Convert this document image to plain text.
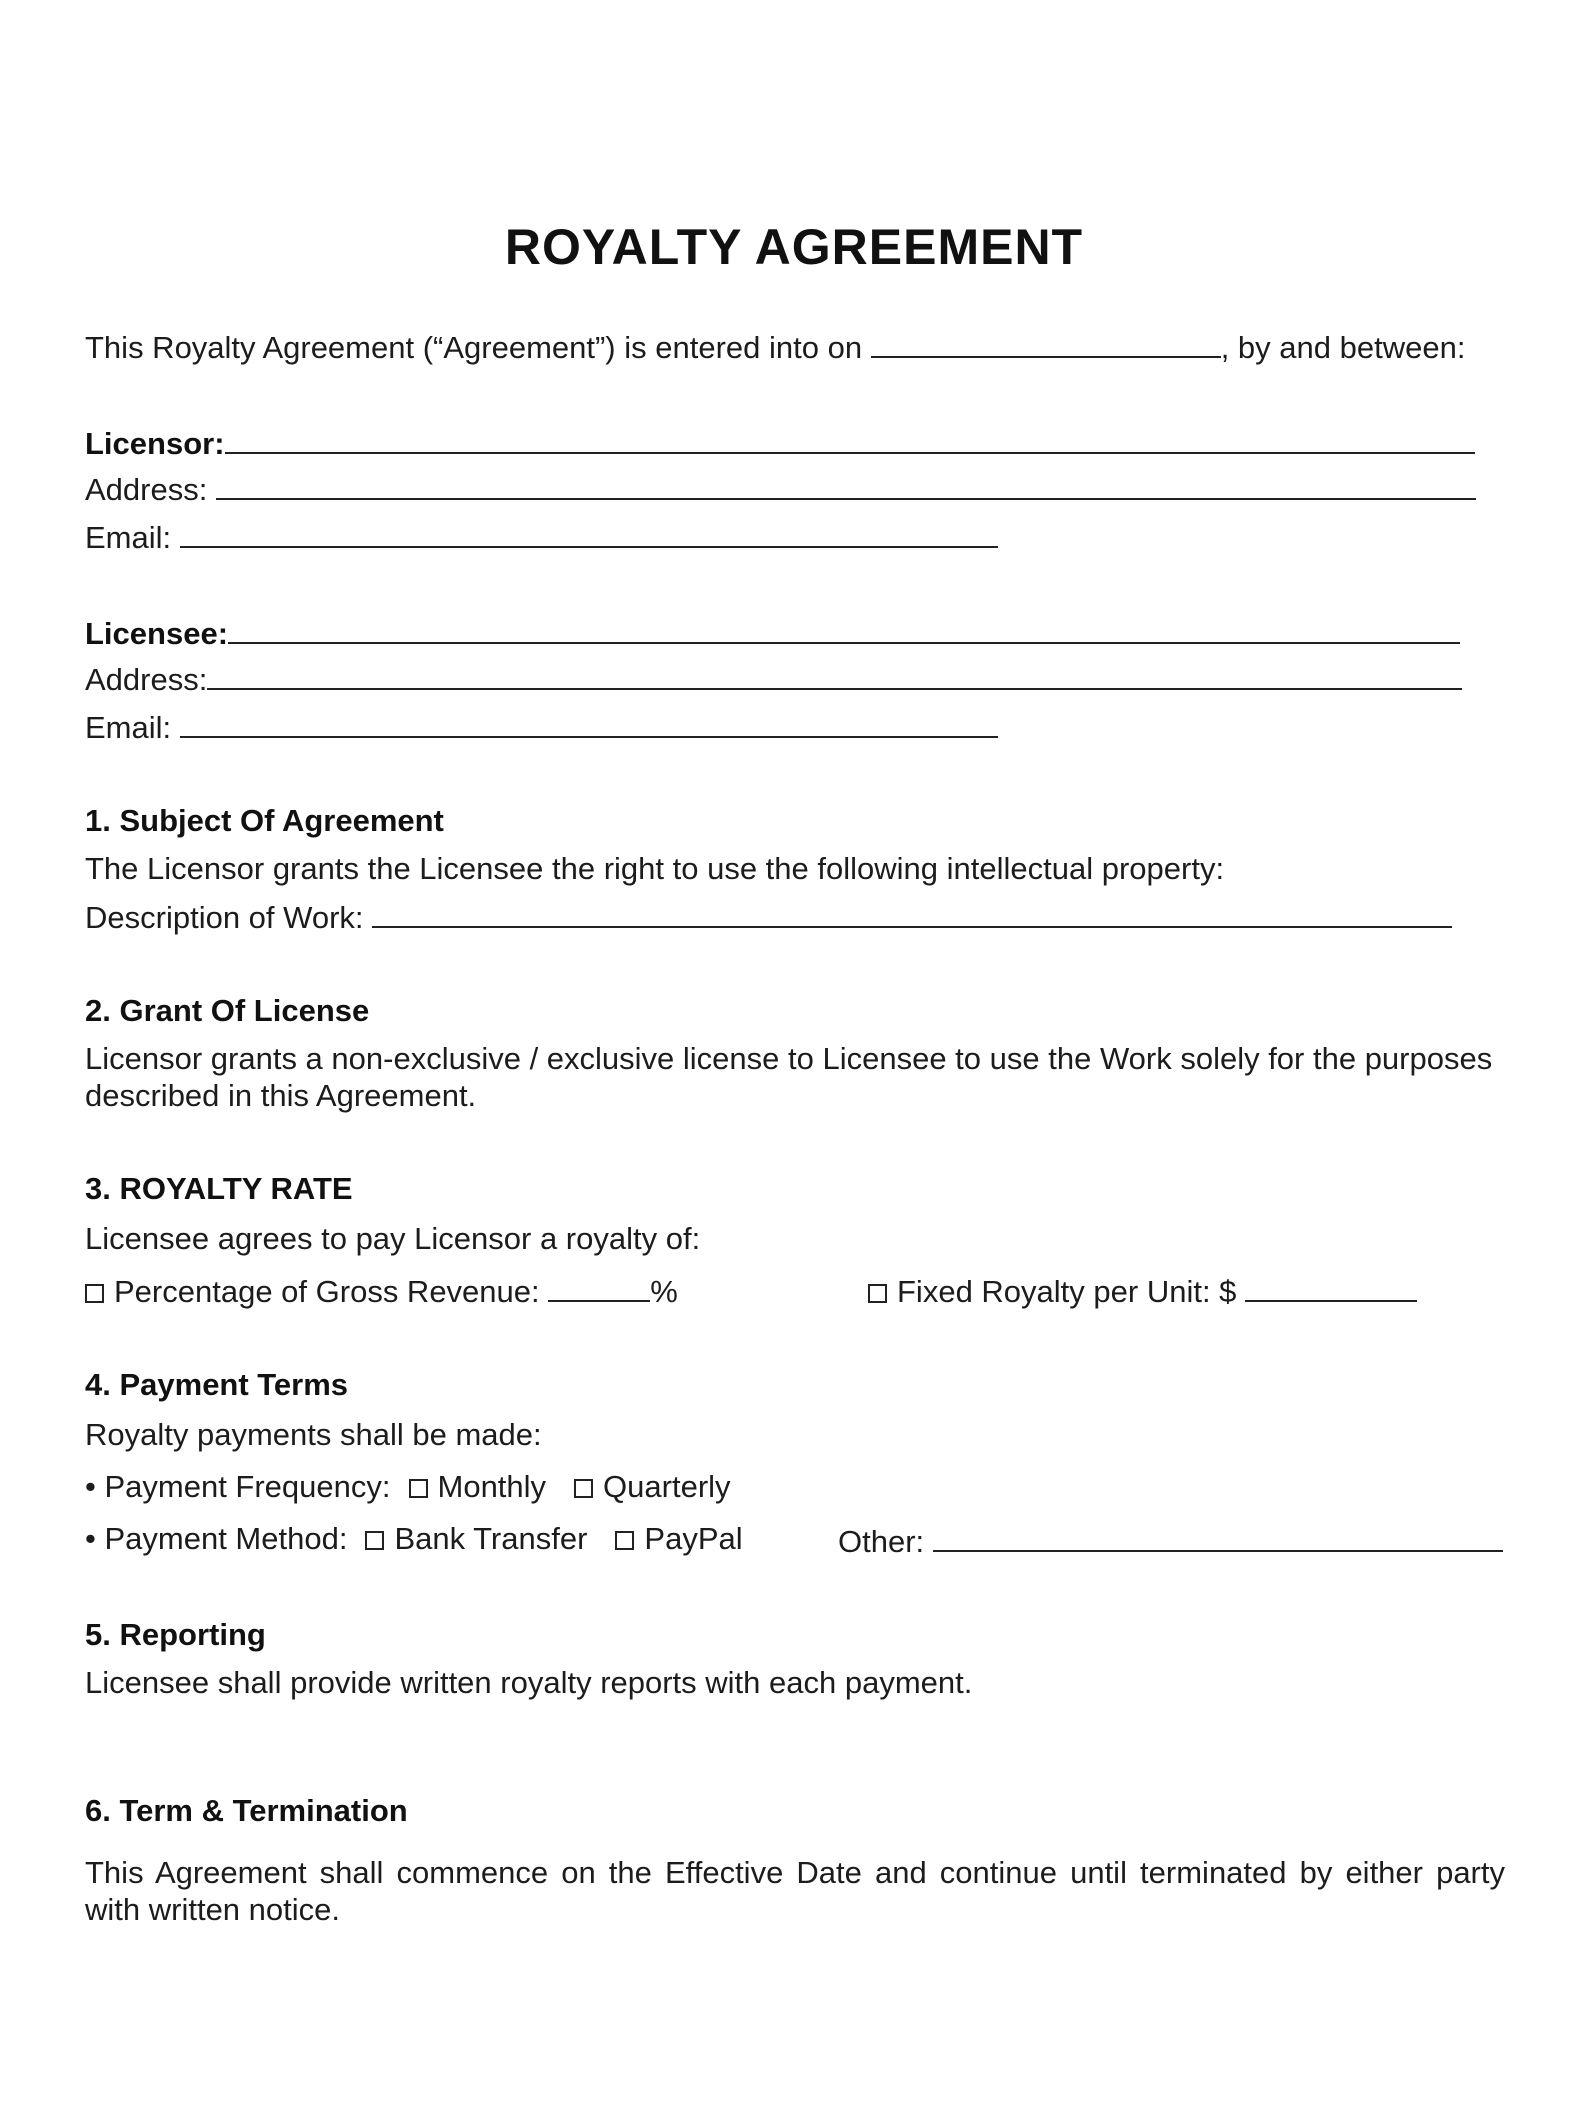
ROYALTY AGREEMENT
This Royalty Agreement (“Agreement”) is entered into on	, by and between:
Licensor:
Address:
Email:
Licensee:
Address:
Email:
1. Subject Of Agreement
The Licensor grants the Licensee the right to use the following intellectual property:
Description of Work:
2. Grant Of License
Licensor grants a non-exclusive / exclusive license to Licensee to use the Work solely for the purposes described in this Agreement.
3. ROYALTY RATE
Licensee agrees to pay Licensor a royalty of:
Percentage of Gross Revenue:	%	Fixed Royalty per Unit: $
4. Payment Terms
Royalty payments shall be made:
• Payment Frequency: Monthly Quarterly
• Payment Method: Bank Transfer PayPal	Other:
5. Reporting
Licensee shall provide written royalty reports with each payment.
6. Term & Termination
This Agreement shall commence on the Effective Date and continue until terminated by either party with written notice.
